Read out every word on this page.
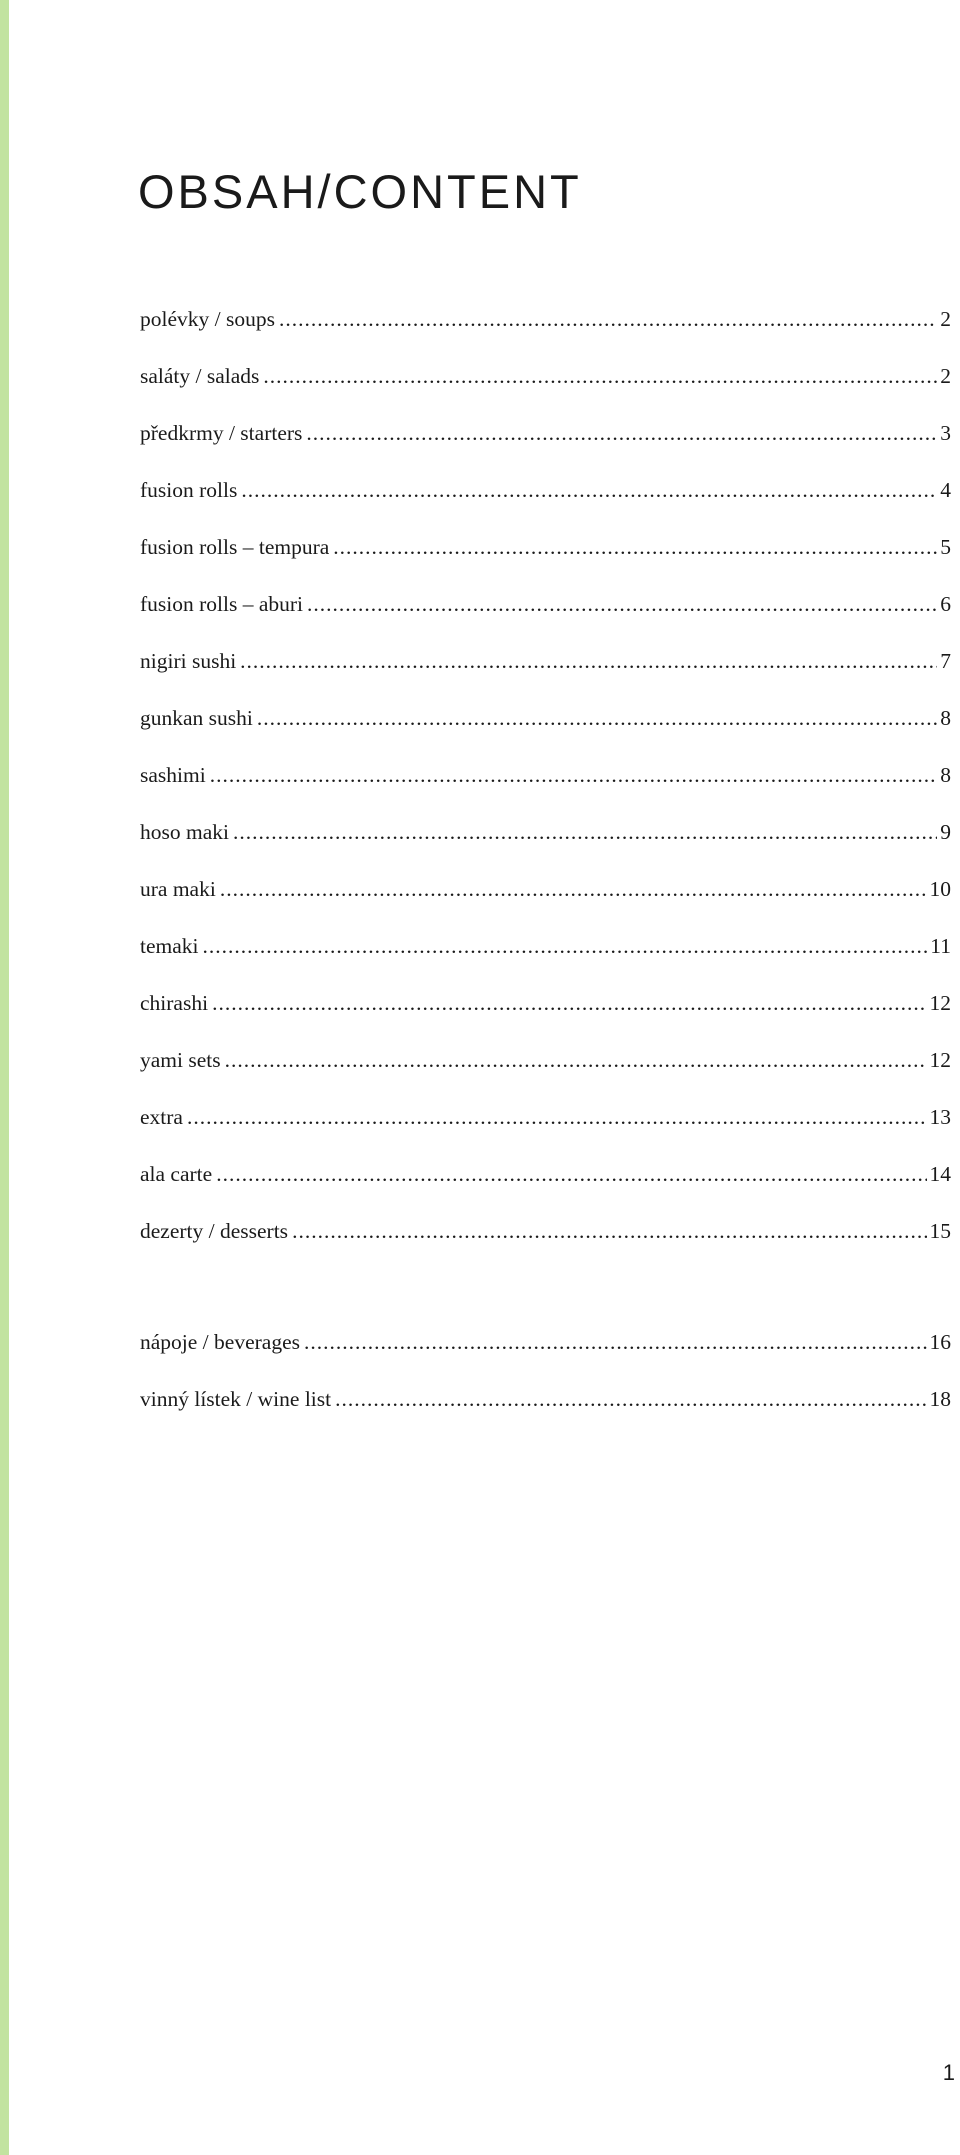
OBSAH/CONTENT
polévky / soups .....	2
saláty / salads .....	2
předkrmy / starters .....	3
fusion rolls .....	4
fusion rolls – tempura .....	5
fusion rolls – aburi .....	6
nigiri sushi .....	7
gunkan sushi .....	8
sashimi .....	8
hoso maki .....	9
ura maki .....	10
temaki .....	11
chirashi .....	12
yami sets .....	12
extra .....	13
ala carte .....	14
dezerty / desserts .....	15
nápoje / beverages .....	16
vinný lístek / wine list .....	18
1
